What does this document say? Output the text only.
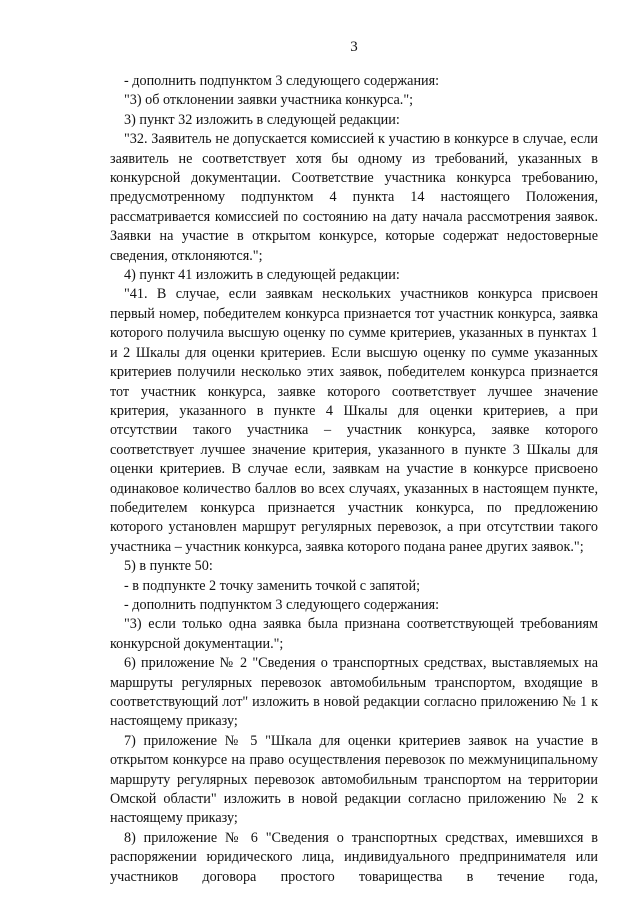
3

- дополнить подпунктом 3 следующего содержания:

"3) об отклонении заявки участника конкурса.";

3) пункт 32 изложить в следующей редакции:

"32. Заявитель не допускается комиссией к участию в конкурсе в случае, если заявитель не соответствует хотя бы одному из требований, указанных в конкурсной документации. Соответствие участника конкурса требованию, предусмотренному подпунктом 4 пункта 14 настоящего Положения, рассматривается комиссией по состоянию на дату начала рассмотрения заявок. Заявки на участие в открытом конкурсе, которые содержат недостоверные сведения, отклоняются.";

4) пункт 41 изложить в следующей редакции:

"41. В случае, если заявкам нескольких участников конкурса присвоен первый номер, победителем конкурса признается тот участник конкурса, заявка которого получила высшую оценку по сумме критериев, указанных в пунктах 1 и 2 Шкалы для оценки критериев. Если высшую оценку по сумме указанных критериев получили несколько этих заявок, победителем конкурса признается тот участник конкурса, заявке которого соответствует лучшее значение критерия, указанного в пункте 4 Шкалы для оценки критериев, а при отсутствии такого участника – участник конкурса, заявке которого соответствует лучшее значение критерия, указанного в пункте 3 Шкалы для оценки критериев. В случае если, заявкам на участие в конкурсе присвоено одинаковое количество баллов во всех случаях, указанных в настоящем пункте, победителем конкурса признается участник конкурса, по предложению которого установлен маршрут регулярных перевозок, а при отсутствии такого участника – участник конкурса, заявка которого подана ранее других заявок.";

5) в пункте 50:

- в подпункте 2 точку заменить точкой с запятой;

- дополнить подпунктом 3 следующего содержания:

"3) если только одна заявка была признана соответствующей требованиям конкурсной документации.";

6) приложение № 2 "Сведения о транспортных средствах, выставляемых на маршруты регулярных перевозок автомобильным транспортом, входящие в соответствующий лот" изложить в новой редакции согласно приложению № 1 к настоящему приказу;

7) приложение № 5 "Шкала для оценки критериев заявок на участие в открытом конкурсе на право осуществления перевозок по межмуниципальному маршруту регулярных перевозок автомобильным транспортом на территории Омской области" изложить в новой редакции согласно приложению № 2 к настоящему приказу;

8) приложение № 6 "Сведения о транспортных средствах, имевшихся в распоряжении юридического лица, индивидуального предпринимателя или участников договора простого товарищества в течение года,
